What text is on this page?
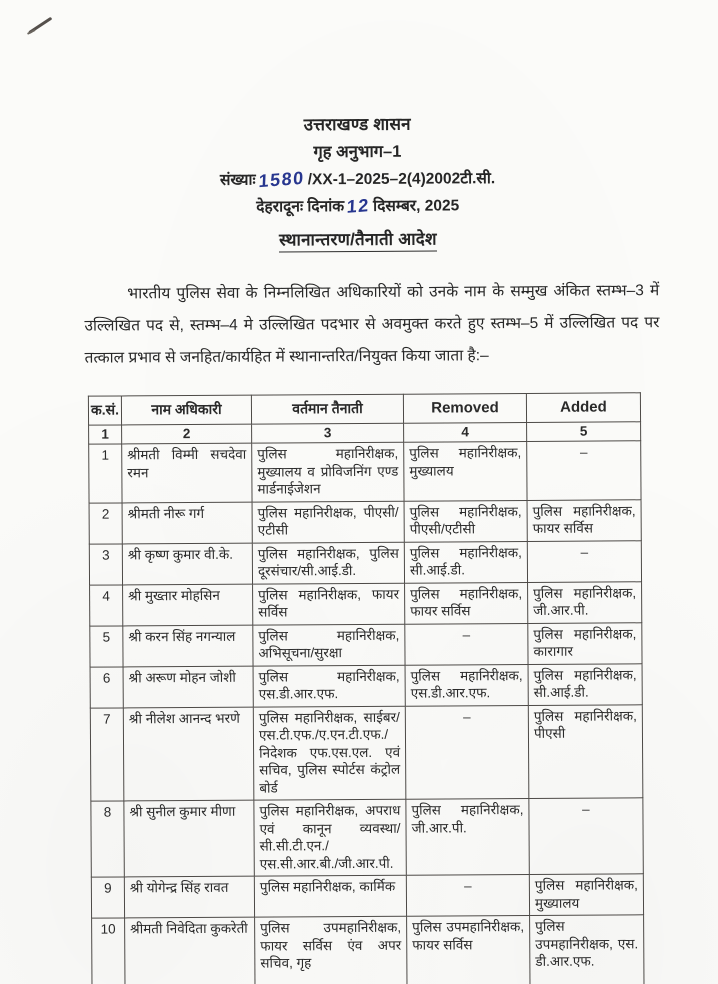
उत्तराखण्ड शासन
गृह अनुभाग–1
संख्याः 1580 /XX-1–2025–2(4)2002टी.सी.
देहरादूनः दिनांक 12 दिसम्बर, 2025
स्थानान्तरण/तैनाती आदेश

भारतीय पुलिस सेवा के निम्नलिखित अधिकारियों को उनके नाम के सम्मुख अंकित स्तम्भ–3 में उल्लिखित पद से, स्तम्भ–4 मे उल्लिखित पदभार से अवमुक्त करते हुए स्तम्भ–5 में उल्लिखित पद पर तत्काल प्रभाव से जनहित/कार्यहित में स्थानान्तरित/नियुक्त किया जाता है:–

क.सं.	नाम अधिकारी	वर्तमान तैनाती	Removed	Added
1	2	3	4	5
1	श्रीमती विम्मी सचदेवा रमन	पुलिस महानिरीक्षक, मुख्यालय व प्रोविजनिंग एण्ड मार्डनाईजेशन	पुलिस महानिरीक्षक, मुख्यालय	–
2	श्रीमती नीरू गर्ग	पुलिस महानिरीक्षक, पीएसी/एटीसी	पुलिस महानिरीक्षक, पीएसी/एटीसी	पुलिस महानिरीक्षक, फायर सर्विस
3	श्री कृष्ण कुमार वी.के.	पुलिस महानिरीक्षक, पुलिस दूरसंचार/सी.आई.डी.	पुलिस महानिरीक्षक, सी.आई.डी.	–
4	श्री मुख्तार मोहसिन	पुलिस महानिरीक्षक, फायर सर्विस	पुलिस महानिरीक्षक, फायर सर्विस	पुलिस महानिरीक्षक, जी.आर.पी.
5	श्री करन सिंह नगन्याल	पुलिस महानिरीक्षक, अभिसूचना/सुरक्षा	–	पुलिस महानिरीक्षक, कारागार
6	श्री अरूण मोहन जोशी	पुलिस महानिरीक्षक, एस.डी.आर.एफ.	पुलिस महानिरीक्षक, एस.डी.आर.एफ.	पुलिस महानिरीक्षक, सी.आई.डी.
7	श्री नीलेश आनन्द भरणे	पुलिस महानिरीक्षक, साईबर/एस.टी.एफ./ए.एन.टी.एफ./निदेशक एफ.एस.एल. एवं सचिव, पुलिस स्पोर्टस कंट्रोल बोर्ड	–	पुलिस महानिरीक्षक, पीएसी
8	श्री सुनील कुमार मीणा	पुलिस महानिरीक्षक, अपराध एवं कानून व्यवस्था/सी.सी.टी.एन./एस.सी.आर.बी./जी.आर.पी.	पुलिस महानिरीक्षक, जी.आर.पी.	–
9	श्री योगेन्द्र सिंह रावत	पुलिस महानिरीक्षक, कार्मिक	–	पुलिस महानिरीक्षक, मुख्यालय
10	श्रीमती निवेदिता कुकरेती	पुलिस उपमहानिरीक्षक, फायर सर्विस एंव अपर सचिव, गृह	पुलिस उपमहानिरीक्षक, फायर सर्विस	पुलिस उपमहानिरीक्षक, एस. डी.आर.एफ.
